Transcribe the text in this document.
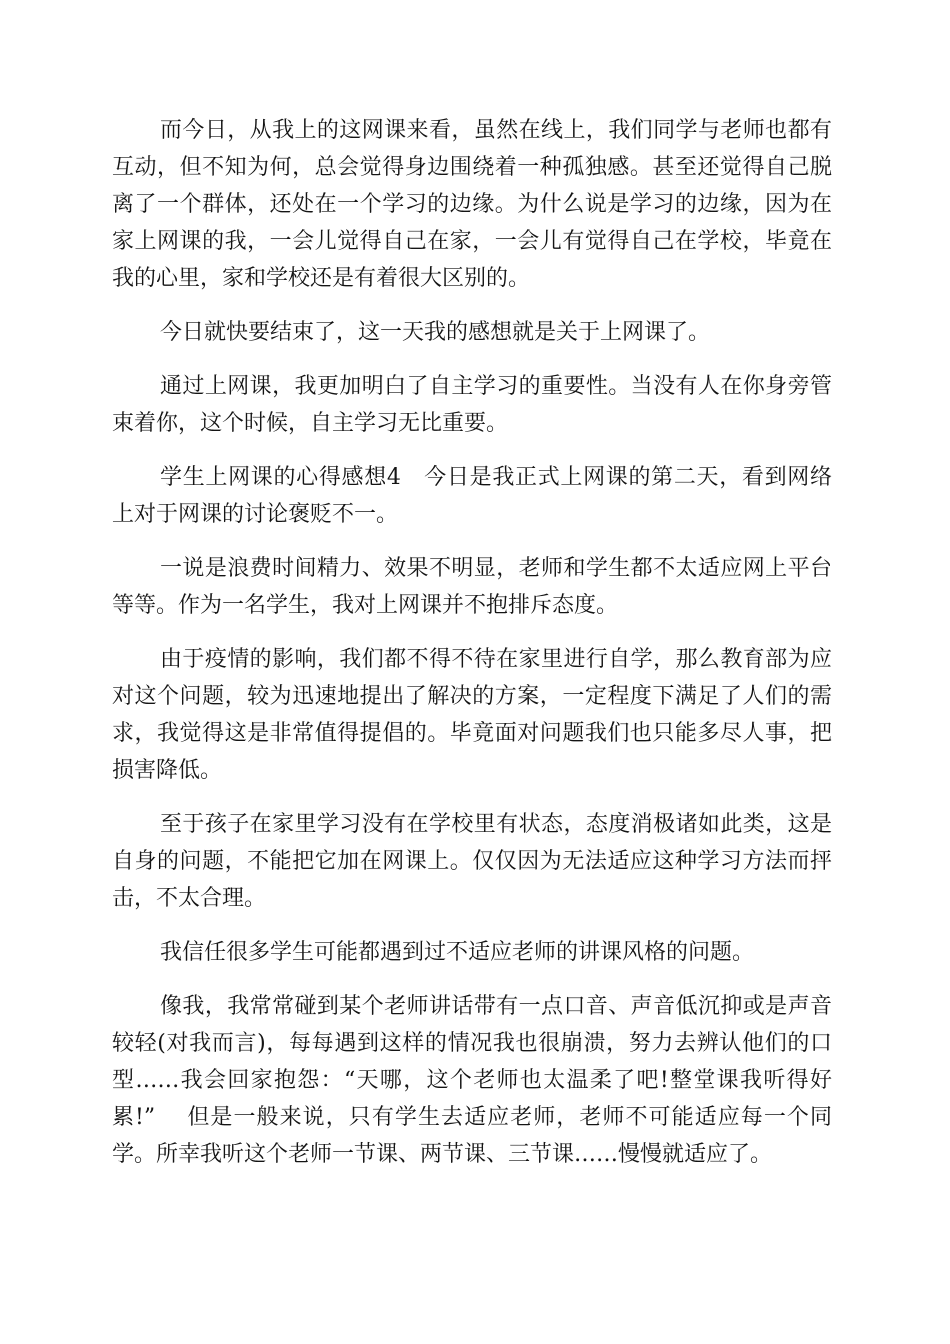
而今日，从我上的这网课来看，虽然在线上，我们同学与老师也都有互动，但不知为何，总会觉得身边围绕着一种孤独感。甚至还觉得自己脱离了一个群体，还处在一个学习的边缘。为什么说是学习的边缘，因为在家上网课的我，一会儿觉得自己在家，一会儿有觉得自己在学校，毕竟在我的心里，家和学校还是有着很大区别的。

今日就快要结束了，这一天我的感想就是关于上网课了。

通过上网课，我更加明白了自主学习的重要性。当没有人在你身旁管束着你，这个时候，自主学习无比重要。

学生上网课的心得感想4　今日是我正式上网课的第二天，看到网络上对于网课的讨论褒贬不一。

一说是浪费时间精力、效果不明显，老师和学生都不太适应网上平台等等。作为一名学生，我对上网课并不抱排斥态度。

由于疫情的影响，我们都不得不待在家里进行自学，那么教育部为应对这个问题，较为迅速地提出了解决的方案，一定程度下满足了人们的需求，我觉得这是非常值得提倡的。毕竟面对问题我们也只能多尽人事，把损害降低。

至于孩子在家里学习没有在学校里有状态，态度消极诸如此类，这是自身的问题，不能把它加在网课上。仅仅因为无法适应这种学习方法而抨击，不太合理。

我信任很多学生可能都遇到过不适应老师的讲课风格的问题。

像我，我常常碰到某个老师讲话带有一点口音、声音低沉抑或是声音较轻(对我而言)，每每遇到这样的情况我也很崩溃，努力去辨认他们的口型……我会回家抱怨：“天哪，这个老师也太温柔了吧!整堂课我听得好累!”　 但是一般来说，只有学生去适应老师，老师不可能适应每一个同学。所幸我听这个老师一节课、两节课、三节课……慢慢就适应了。
